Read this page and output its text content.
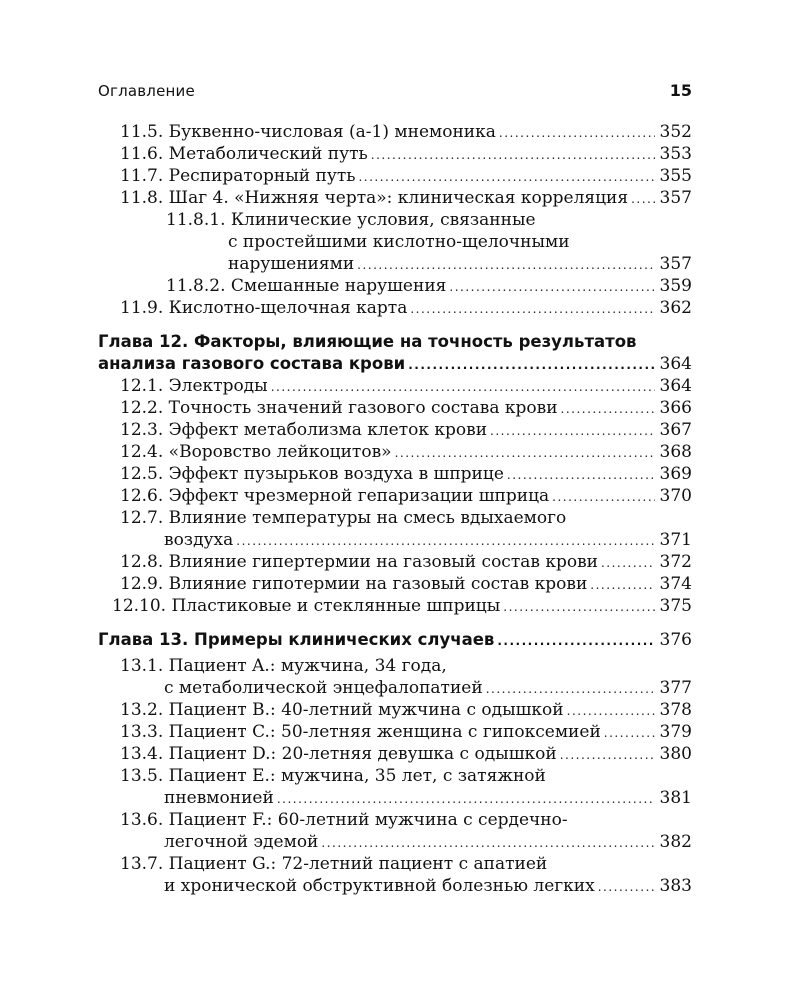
Оглавление	15
11.5. Буквенно-числовая (a-1) мнемоника .....	352
11.6. Метаболический путь .....	353
11.7. Респираторный путь .....	355
11.8. Шаг 4. «Нижняя черта»: клиническая корреляция ..... 357
11.8.1. Клинические условия, связанные
с простейшими кислотно-щелочными
нарушениями .....	357
11.8.2. Смешанные нарушения .....	359
11.9. Кислотно-щелочная карта .....	362
Глава 12. Факторы, влияющие на точность результатов
анализа газового состава крови .....	364
12.1. Электроды .....	364
12.2. Точность значений газового состава крови .....	366
12.3. Эффект метаболизма клеток крови .....	367
12.4. «Воровство лейкоцитов» .....	368
12.5. Эффект пузырьков воздуха в шприце .....	369
12.6. Эффект чрезмерной гепаризации шприца .....	370
12.7. Влияние температуры на смесь вдыхаемого
воздуха .....	371
12.8. Влияние гипертермии на газовый состав крови .....	372
12.9. Влияние гипотермии на газовый состав крови .....	374
12.10. Пластиковые и стеклянные шприцы .....	375
Глава 13. Примеры клинических случаев .....	376
13.1. Пациент A.: мужчина, 34 года,
с метаболической энцефалопатией .....	377
13.2. Пациент B.: 40-летний мужчина с одышкой .....	378
13.3. Пациент C.: 50-летняя женщина с гипоксемией .....	379
13.4. Пациент D.: 20-летняя девушка с одышкой .....	380
13.5. Пациент E.: мужчина, 35 лет, с затяжной
пневмонией .....	381
13.6. Пациент F.: 60-летний мужчина с сердечно-
легочной эдемой .....	382
13.7. Пациент G.: 72-летний пациент с апатией
и хронической обструктивной болезнью легких .....	383
